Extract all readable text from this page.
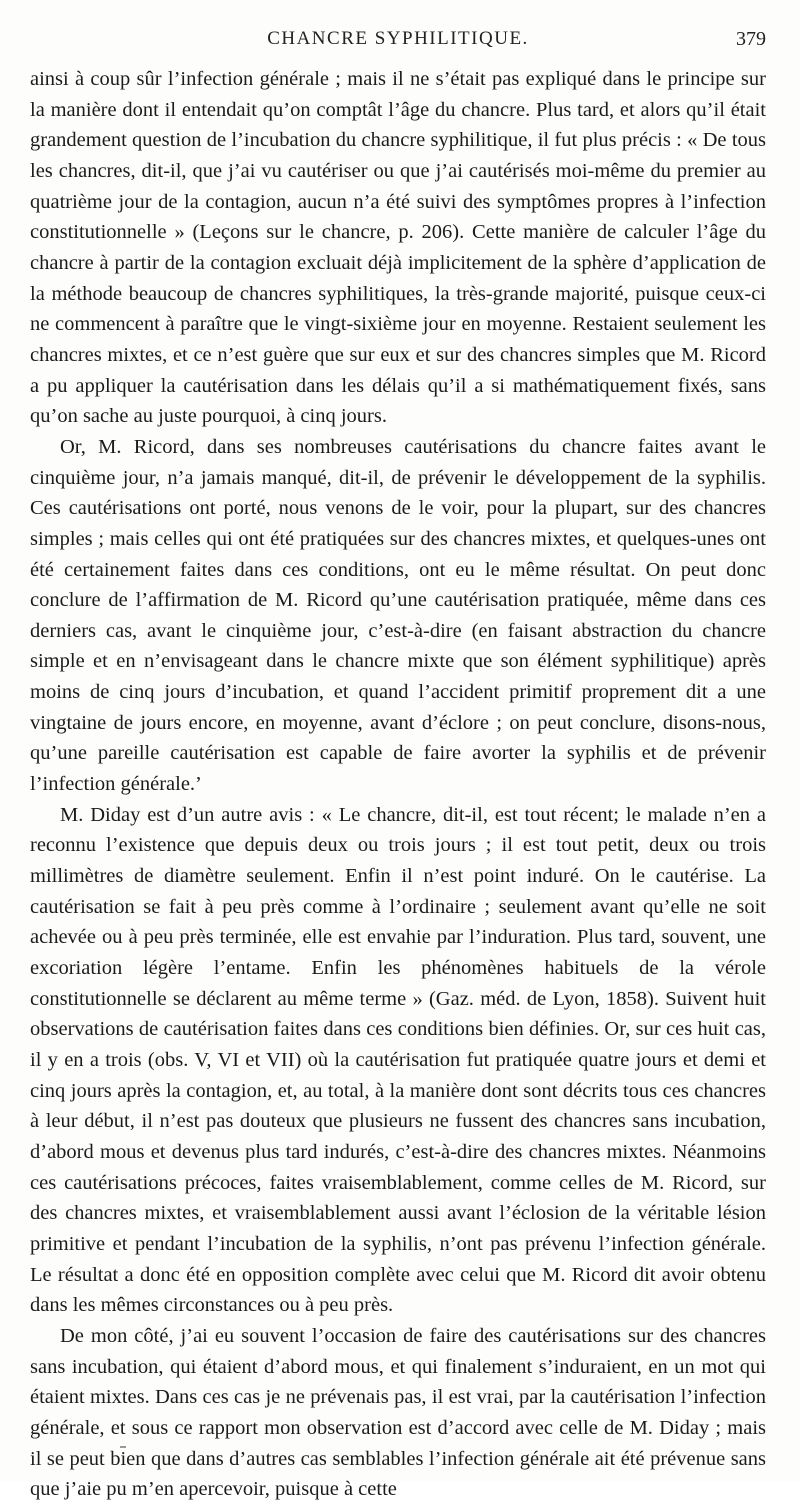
CHANCRE SYPHILITIQUE.	379

ainsi à coup sûr l’infection générale ; mais il ne s’était pas expliqué dans le principe sur la manière dont il entendait qu’on comptât l’âge du chancre. Plus tard, et alors qu’il était grandement question de l’incubation du chancre syphilitique, il fut plus précis : « De tous les chancres, dit-il, que j’ai vu cautériser ou que j’ai cautérisés moi-même du premier au quatrième jour de la contagion, aucun n’a été suivi des symptômes propres à l’infection constitutionnelle » (Leçons sur le chancre, p. 206). Cette manière de calculer l’âge du chancre à partir de la contagion excluait déjà implicitement de la sphère d’application de la méthode beaucoup de chancres syphilitiques, la très-grande majorité, puisque ceux-ci ne commencent à paraître que le vingt-sixième jour en moyenne. Restaient seulement les chancres mixtes, et ce n’est guère que sur eux et sur des chancres simples que M. Ricord a pu appliquer la cautérisation dans les délais qu’il a si mathématiquement fixés, sans qu’on sache au juste pourquoi, à cinq jours.

Or, M. Ricord, dans ses nombreuses cautérisations du chancre faites avant le cinquième jour, n’a jamais manqué, dit-il, de prévenir le développement de la syphilis. Ces cautérisations ont porté, nous venons de le voir, pour la plupart, sur des chancres simples ; mais celles qui ont été pratiquées sur des chancres mixtes, et quelques-unes ont été certainement faites dans ces conditions, ont eu le même résultat. On peut donc conclure de l’affirmation de M. Ricord qu’une cautérisation pratiquée, même dans ces derniers cas, avant le cinquième jour, c’est-à-dire (en faisant abstraction du chancre simple et en n’envisageant dans le chancre mixte que son élément syphilitique) après moins de cinq jours d’incubation, et quand l’accident primitif proprement dit a une vingtaine de jours encore, en moyenne, avant d’éclore ; on peut conclure, disons-nous, qu’une pareille cautérisation est capable de faire avorter la syphilis et de prévenir l’infection générale.’

M. Diday est d’un autre avis : « Le chancre, dit-il, est tout récent; le malade n’en a reconnu l’existence que depuis deux ou trois jours ; il est tout petit, deux ou trois millimètres de diamètre seulement. Enfin il n’est point induré. On le cautérise. La cautérisation se fait à peu près comme à l’ordinaire ; seulement avant qu’elle ne soit achevée ou à peu près terminée, elle est envahie par l’induration. Plus tard, souvent, une excoriation légère l’entame. Enfin les phénomènes habituels de la vérole constitutionnelle se déclarent au même terme » (Gaz. méd. de Lyon, 1858). Suivent huit observations de cautérisation faites dans ces conditions bien définies. Or, sur ces huit cas, il y en a trois (obs. V, VI et VII) où la cautérisation fut pratiquée quatre jours et demi et cinq jours après la contagion, et, au total, à la manière dont sont décrits tous ces chancres à leur début, il n’est pas douteux que plusieurs ne fussent des chancres sans incubation, d’abord mous et devenus plus tard indurés, c’est-à-dire des chancres mixtes. Néanmoins ces cautérisations précoces, faites vraisemblablement, comme celles de M. Ricord, sur des chancres mixtes, et vraisemblablement aussi avant l’éclosion de la véritable lésion primitive et pendant l’incubation de la syphilis, n’ont pas prévenu l’infection générale. Le résultat a donc été en opposition complète avec celui que M. Ricord dit avoir obtenu dans les mêmes circonstances ou à peu près.

De mon côté, j’ai eu souvent l’occasion de faire des cautérisations sur des chancres sans incubation, qui étaient d’abord mous, et qui finalement s’induraient, en un mot qui étaient mixtes. Dans ces cas je ne prévenais pas, il est vrai, par la cautérisation l’infection générale, et sous ce rapport mon observation est d’accord avec celle de M. Diday ; mais il se peut bien que dans d’autres cas semblables l’infection générale ait été prévenue sans que j’aie pu m’en apercevoir, puisque à cette
